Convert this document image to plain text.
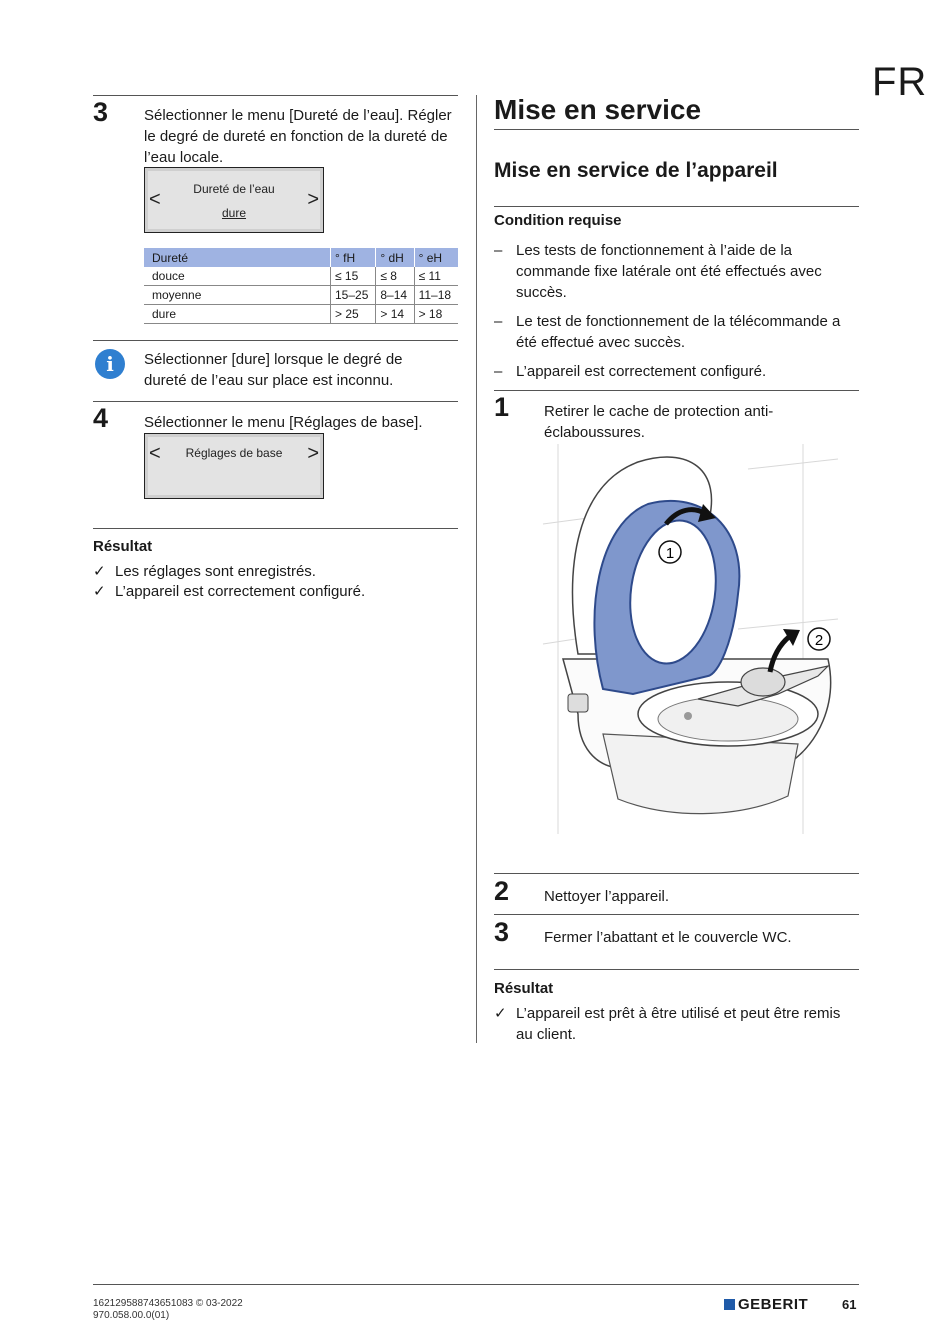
FR
3 Sélectionner le menu [Dureté de l’eau]. Régler le degré de dureté en fonction de la dureté de l’eau locale.
Dureté de l’eau
<
dure
>
Dureté	° fH	° dH	° eH
douce	≤ 15	≤ 8	≤ 11
moyenne	15–25	8–14	11–18
dure	> 25	> 14	> 18
i	Sélectionner [dure] lorsque le degré de dureté de l’eau sur place est inconnu.
4 Sélectionner le menu [Réglages de base].
<	Réglages de base	>
Résultat
✓ Les réglages sont enregistrés.
✓ L’appareil est correctement configuré.
Mise en service
Mise en service de l’appareil
Condition requise
– Les tests de fonctionnement à l’aide de la commande fixe latérale ont été effectués avec succès.
– Le test de fonctionnement de la télécommande a été effectué avec succès.
– L’appareil est correctement configuré.
1 Retirer le cache de protection anti-éclaboussures.
1
2
2 Nettoyer l’appareil.
3 Fermer l’abattant et le couvercle WC.
Résultat
✓ L’appareil est prêt à être utilisé et peut être remis au client.
162129588743651083 © 03-2022
970.058.00.0(01)
GEBERIT	61
